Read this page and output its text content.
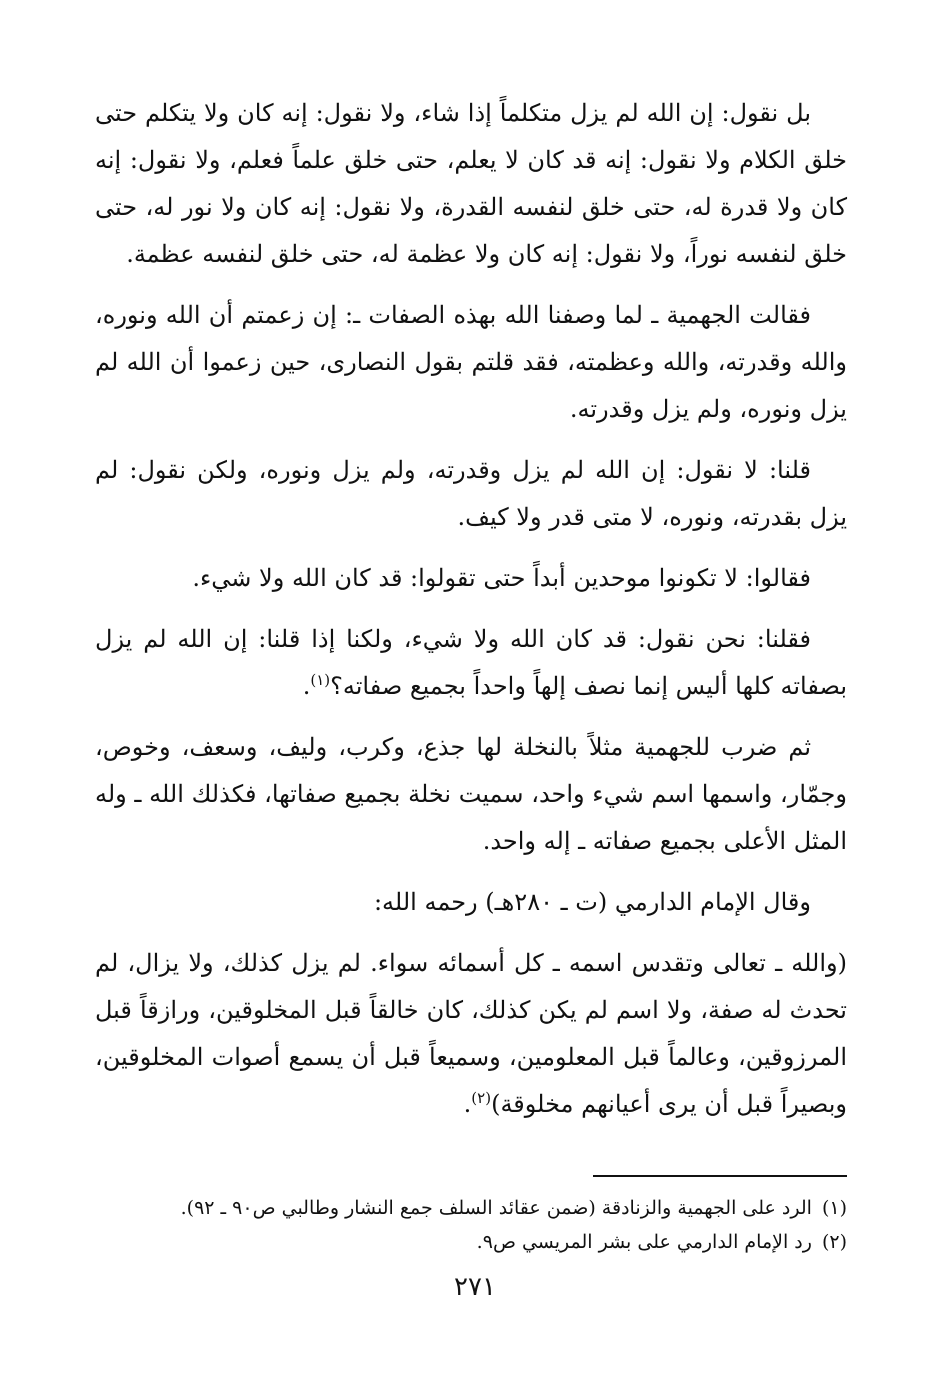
بل نقول: إن الله لم يزل متكلماً إذا شاء، ولا نقول: إنه كان ولا يتكلم حتى خلق الكلام ولا نقول: إنه قد كان لا يعلم، حتى خلق علماً فعلم، ولا نقول: إنه كان ولا قدرة له، حتى خلق لنفسه القدرة، ولا نقول: إنه كان ولا نور له، حتى خلق لنفسه نوراً، ولا نقول: إنه كان ولا عظمة له، حتى خلق لنفسه عظمة.

فقالت الجهمية ـ لما وصفنا الله بهذه الصفات ـ: إن زعمتم أن الله ونوره، والله وقدرته، والله وعظمته، فقد قلتم بقول النصارى، حين زعموا أن الله لم يزل ونوره، ولم يزل وقدرته.

قلنا: لا نقول: إن الله لم يزل وقدرته، ولم يزل ونوره، ولكن نقول: لم يزل بقدرته، ونوره، لا متى قدر ولا كيف.

فقالوا: لا تكونوا موحدين أبداً حتى تقولوا: قد كان الله ولا شيء.

فقلنا: نحن نقول: قد كان الله ولا شيء، ولكنا إذا قلنا: إن الله لم يزل بصفاته كلها أليس إنما نصف إلهاً واحداً بجميع صفاته؟$^{(١)}$.

ثم ضرب للجهمية مثلاً بالنخلة لها جذع، وكرب، وليف، وسعف، وخوص، وجمّار، واسمها اسم شيء واحد، سميت نخلة بجميع صفاتها، فكذلك الله ـ وله المثل الأعلى بجميع صفاته ـ إله واحد.

وقال الإمام الدارمي (ت ـ ٢٨٠هـ) رحمه الله:

(والله ـ تعالى وتقدس اسمه ـ كل أسمائه سواء. لم يزل كذلك، ولا يزال، لم تحدث له صفة، ولا اسم لم يكن كذلك، كان خالقاً قبل المخلوقين، ورازقاً قبل المرزوقين، وعالماً قبل المعلومين، وسميعاً قبل أن يسمع أصوات المخلوقين، وبصيراً قبل أن يرى أعيانهم مخلوقة)$^{(٢)}$.

(١)الرد على الجهمية والزنادقة (ضمن عقائد السلف جمع النشار وطالبي ص٩٠ ـ ٩٢).

(٢)رد الإمام الدارمي على بشر المريسي ص٩.

٢٧١
